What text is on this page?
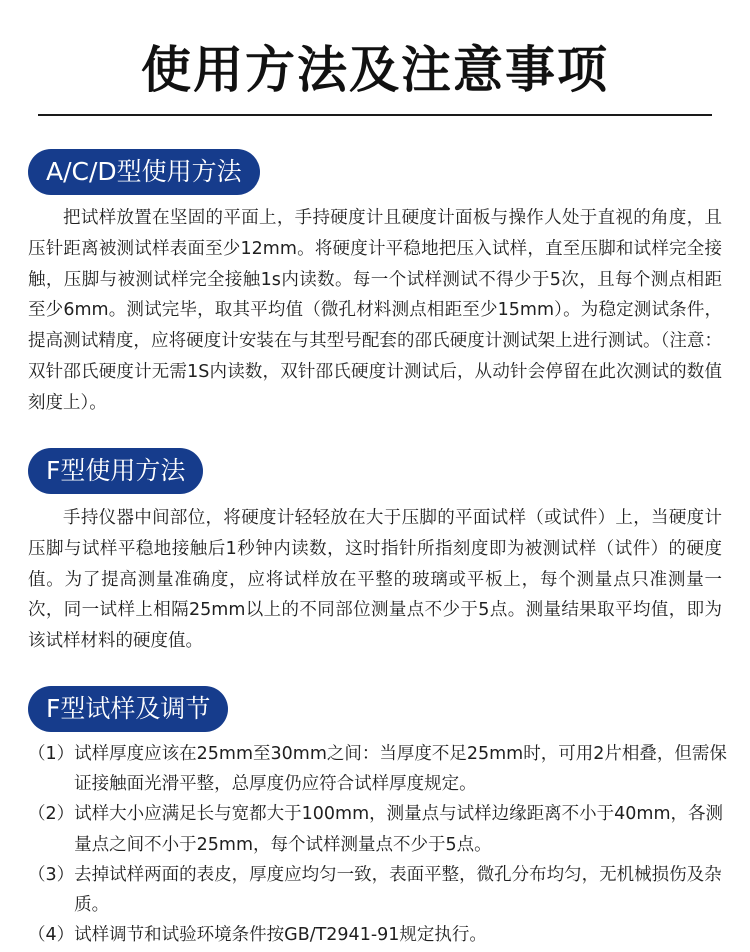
使用方法及注意事项
A/C/D型使用方法

把试样放置在坚固的平面上，手持硬度计且硬度计面板与操作人处于直视的角度，且压针距离被测试样表面至少12mm。将硬度计平稳地把压入试样，直至压脚和试样完全接触，压脚与被测试样完全接触1s内读数。每一个试样测试不得少于5次，且每个测点相距至少6mm。测试完毕，取其平均值（微孔材料测点相距至少15mm）。为稳定测试条件，提高测试精度，应将硬度计安装在与其型号配套的邵氏硬度计测试架上进行测试。（注意：双针邵氏硬度计无需1S内读数，双针邵氏硬度计测试后，从动针会停留在此次测试的数值刻度上）。

F型使用方法

手持仪器中间部位，将硬度计轻轻放在大于压脚的平面试样（或试件）上，当硬度计压脚与试样平稳地接触后1秒钟内读数，这时指针所指刻度即为被测试样（试件）的硬度值。为了提高测量准确度，应将试样放在平整的玻璃或平板上，每个测量点只准测量一次，同一试样上相隔25mm以上的不同部位测量点不少于5点。测量结果取平均值，即为该试样材料的硬度值。

F型试样及调节
（1） 试样厚度应该在25mm至30mm之间：当厚度不足25mm时，可用2片相叠，但需保证接触面光滑平整，总厚度仍应符合试样厚度规定。
（2） 试样大小应满足长与宽都大于100mm，测量点与试样边缘距离不小于40mm，各测量点之间不小于25mm，每个试样测量点不少于5点。
（3） 去掉试样两面的表皮，厚度应均匀一致，表面平整，微孔分布均匀，无机械损伤及杂质。
（4） 试样调节和试验环境条件按GB/T2941-91规定执行。
